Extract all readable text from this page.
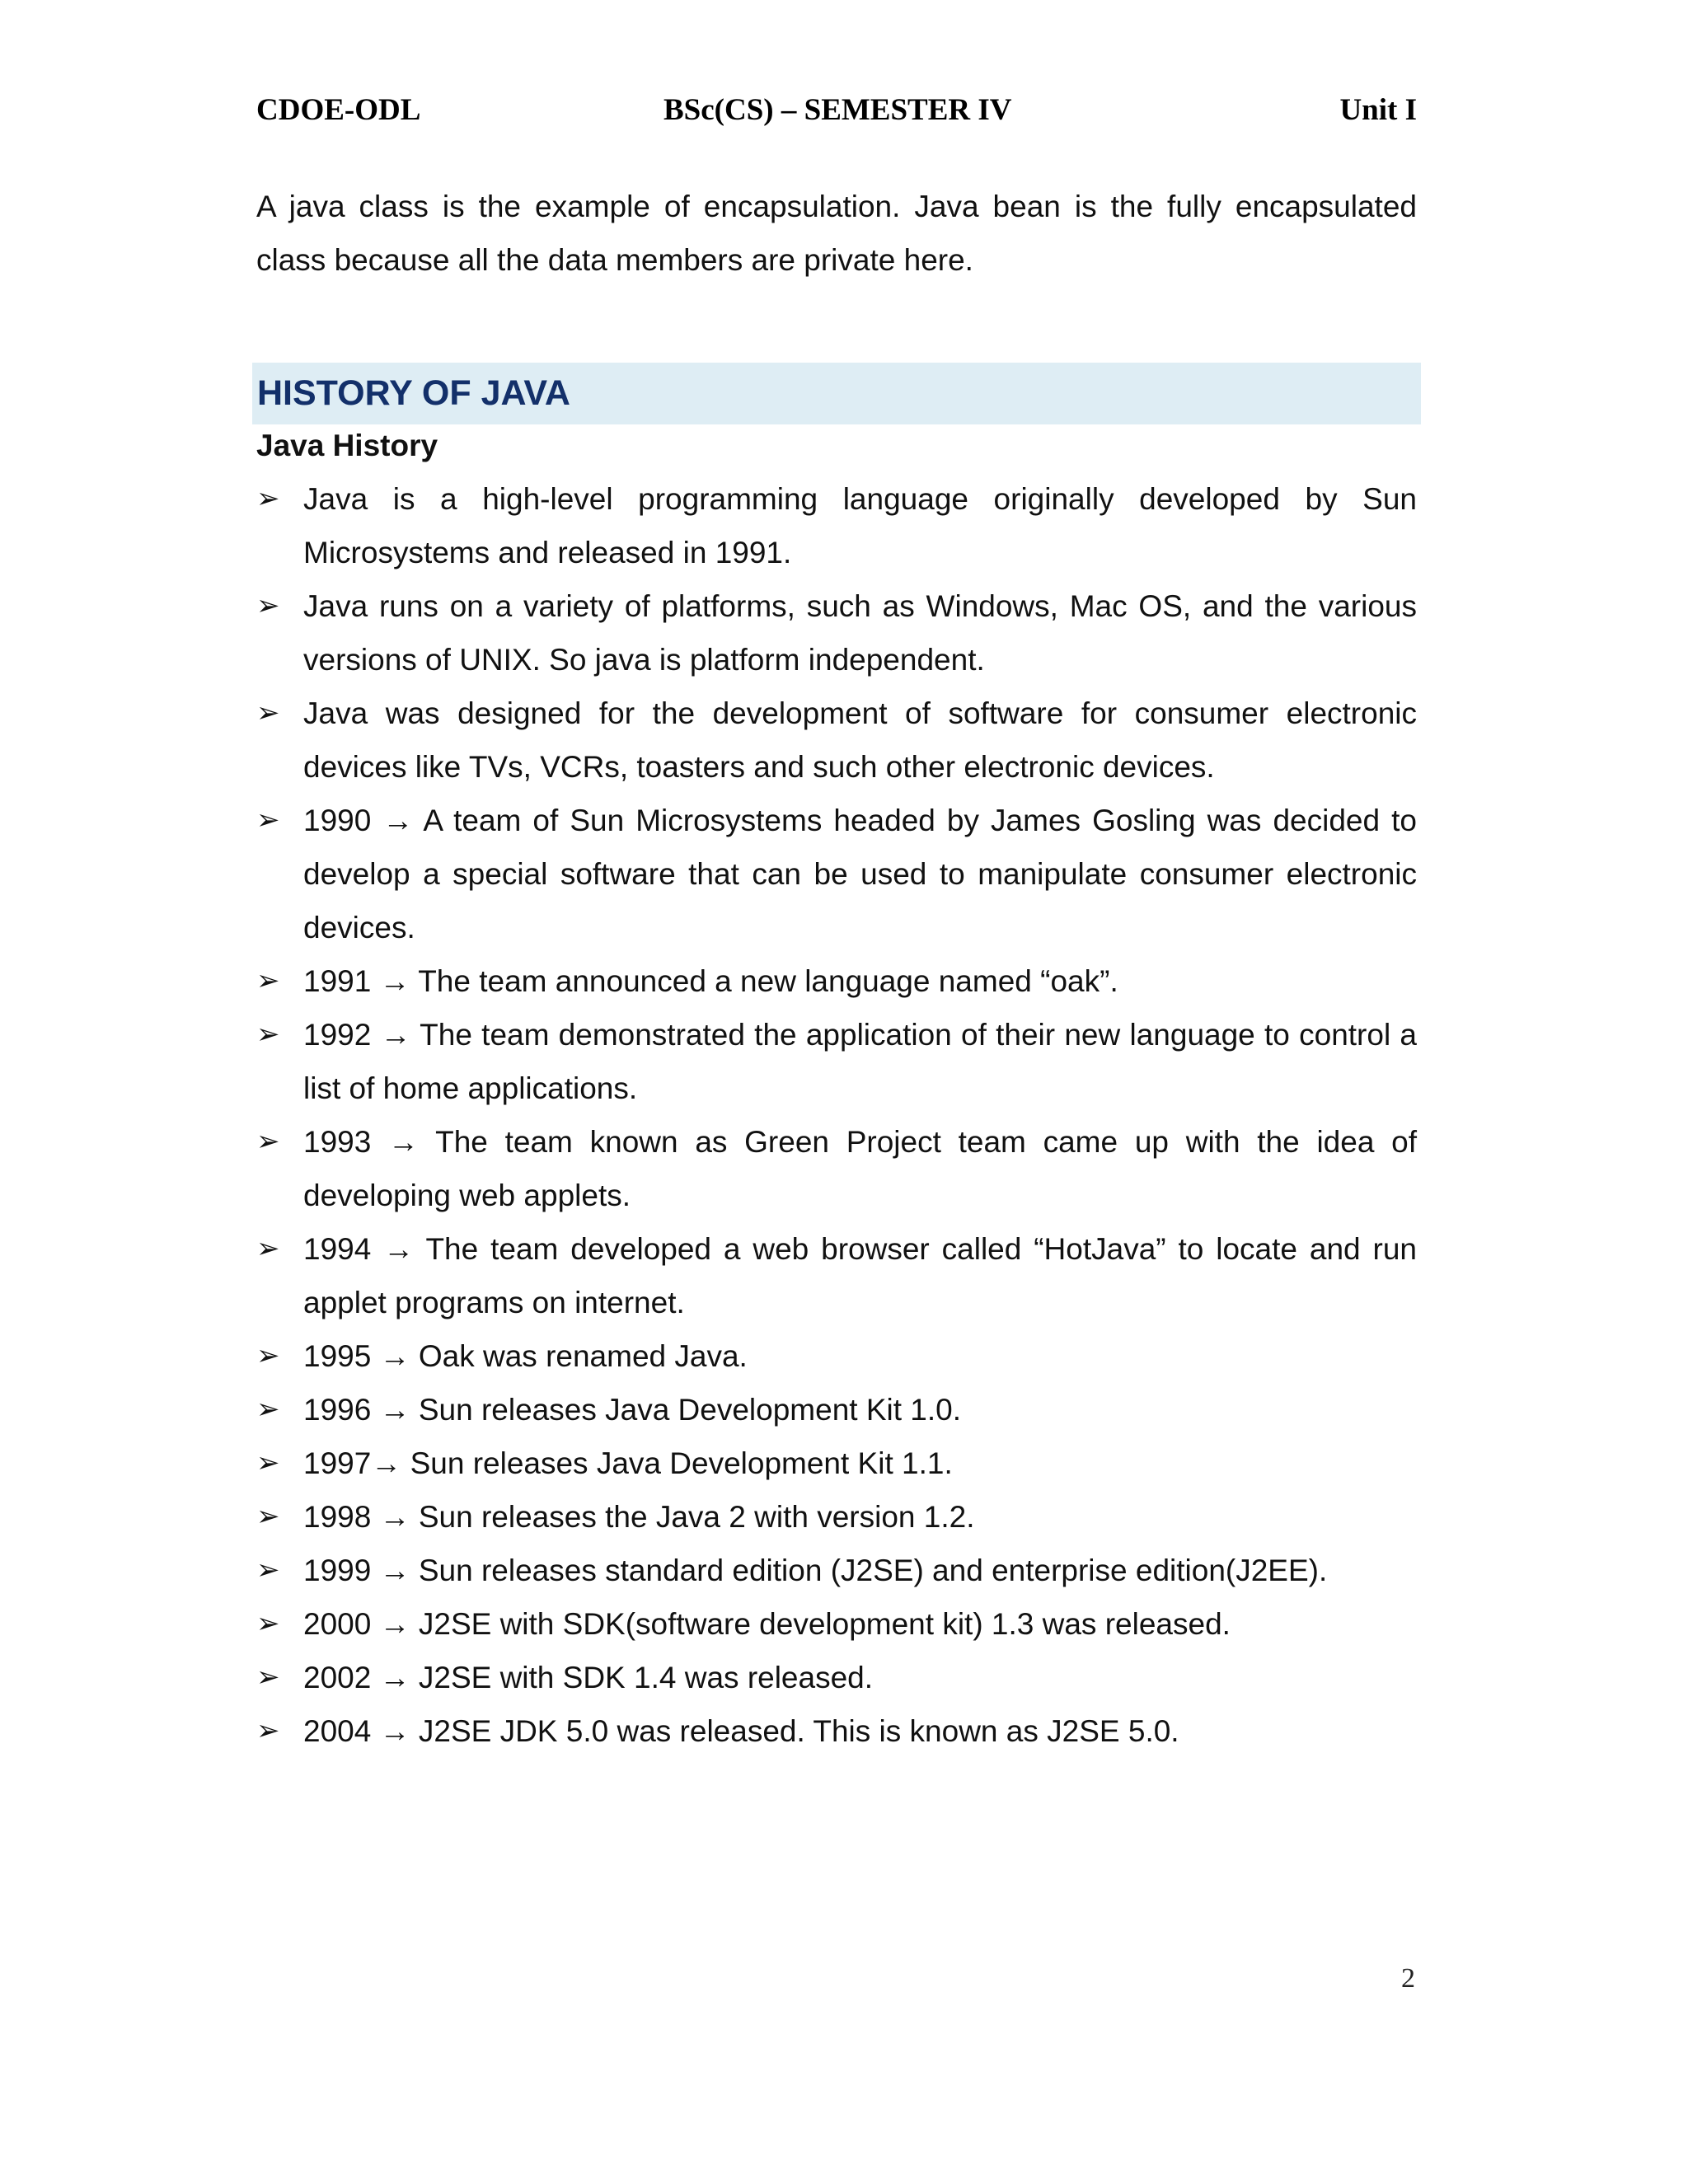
CDOE-ODL	BSc(CS) – SEMESTER IV	Unit I

A java class is the example of encapsulation. Java bean is the fully encapsulated class because all the data members are private here.

HISTORY OF JAVA
Java History
➢ Java is a high-level programming language originally developed by Sun Microsystems and released in 1991.
➢ Java runs on a variety of platforms, such as Windows, Mac OS, and the various versions of UNIX. So java is platform independent.
➢ Java was designed for the development of software for consumer electronic devices like TVs, VCRs, toasters and such other electronic devices.
➢ 1990 → A team of Sun Microsystems headed by James Gosling was decided to develop a special software that can be used to manipulate consumer electronic devices.
➢ 1991 → The team announced a new language named “oak”.
➢ 1992 → The team demonstrated the application of their new language to control a list of home applications.
➢ 1993 → The team known as Green Project team came up with the idea of developing web applets.
➢ 1994 → The team developed a web browser called “HotJava” to locate and run applet programs on internet.
➢ 1995 → Oak was renamed Java.
➢ 1996 → Sun releases Java Development Kit 1.0.
➢ 1997→ Sun releases Java Development Kit 1.1.
➢ 1998 → Sun releases the Java 2 with version 1.2.
➢ 1999 → Sun releases standard edition (J2SE) and enterprise edition(J2EE).
➢ 2000 → J2SE with SDK(software development kit) 1.3 was released.
➢ 2002 → J2SE with SDK 1.4 was released.
➢ 2004 → J2SE JDK 5.0 was released. This is known as J2SE 5.0.
2
